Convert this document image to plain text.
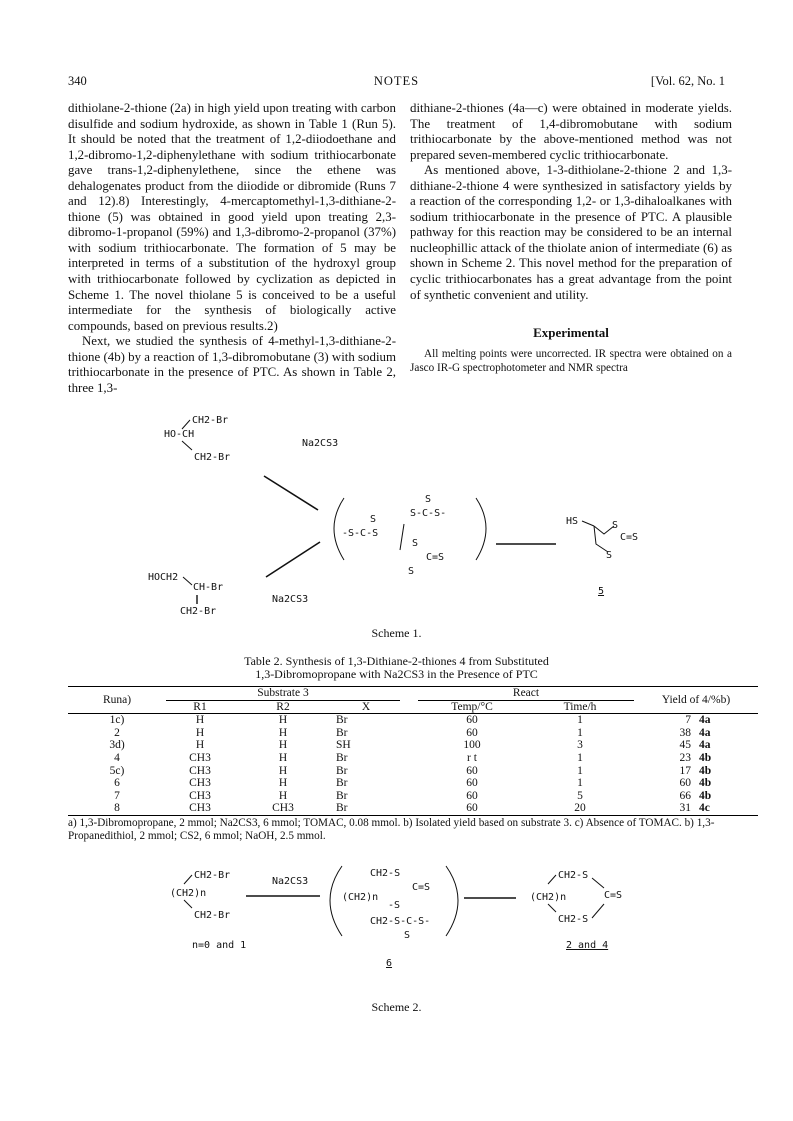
340	NOTES	[Vol. 62, No. 1

dithiolane-2-thione (2a) in high yield upon treating with carbon disulfide and sodium hydroxide, as shown in Table 1 (Run 5). It should be noted that the treatment of 1,2-diiodoethane and 1,2-dibromo-1,2-diphenylethane with sodium trithiocarbonate gave trans-1,2-diphenylethene, since the ethene was dehalogenates product from the diiodide or dibromide (Runs 7 and 12).8) Interestingly, 4-mercaptomethyl-1,3-dithiane-2-thione (5) was obtained in good yield upon treating 2,3-dibromo-1-propanol (59%) and 1,3-dibromo-2-propanol (37%) with sodium trithiocarbonate. The formation of 5 may be interpreted in terms of a substitution of the hydroxyl group with trithiocarbonate followed by cyclization as depicted in Scheme 1. The novel thiolane 5 is conceived to be a useful intermediate for the synthesis of biologically active compounds, based on previous results.2)

Next, we studied the synthesis of 4-methyl-1,3-dithiane-2-thione (4b) by a reaction of 1,3-dibromobutane (3) with sodium trithiocarbonate in the presence of PTC. As shown in Table 2, three 1,3-

dithiane-2-thiones (4a—c) were obtained in moderate yields. The treatment of 1,4-dibromobutane with sodium trithiocarbonate by the above-mentioned method was not prepared seven-membered cyclic trithiocarbonate.

As mentioned above, 1-3-dithiolane-2-thione 2 and 1,3-dithiane-2-thione 4 were synthesized in satisfactory yields by a reaction of the corresponding 1,2- or 1,3-dihaloalkanes with sodium trithiocarbonate in the presence of PTC. A plausible pathway for this reaction may be considered to be an internal nucleophillic attack of the thiolate anion of intermediate (6) as shown in Scheme 2. This novel method for the preparation of cyclic trithiocarbonates has a great advantage from the point of synthetic convenient and utility.

Experimental

All melting points were uncorrected. IR spectra were obtained on a Jasco IR-G spectrophotometer and NMR spectra

CH2-Br
HO-CH
CH2-Br
Na2CS3
HOCH2
CH-Br
CH2-Br
Na2CS3
S
-S-C-S
S
S-C-S-
S
C=S
S
HS	S
C=S
S
5
Scheme 1.
Table 2. Synthesis of 1,3-Dithiane-2-thiones 4 from Substituted
1,3-Dibromopropane with Na2CS3 in the Presence of PTC
Runa)	Substrate 3				React		Yield of 4/%b)	
	R1	R2	X		Temp/°C	Time/h		
1c)	H	H	Br		60	1	7	4a
2	H	H	Br		60	1	38	4a
3d)	H	H	SH		100	3	45	4a
4	CH3	H	Br		r t	1	23	4b
5c)	CH3	H	Br		60	1	17	4b
6	CH3	H	Br		60	1	60	4b
7	CH3	H	Br		60	5	66	4b
8	CH3	CH3	Br		60	20	31	4c
a) 1,3-Dibromopropane, 2 mmol; Na2CS3, 6 mmol; TOMAC, 0.08 mmol. b) Isolated yield based on substrate 3. c) Absence of TOMAC. b) 1,3-Propanedithiol, 2 mmol; CS2, 6 mmol; NaOH, 2.5 mmol.
CH2-Br
(CH2)n
CH2-Br
n=0 and 1
Na2CS3
CH2-S
C=S
(CH2)n
-S
CH2-S-C-S-
S
6
CH2-S
C=S
(CH2)n
CH2-S
2 and 4
Scheme 2.
